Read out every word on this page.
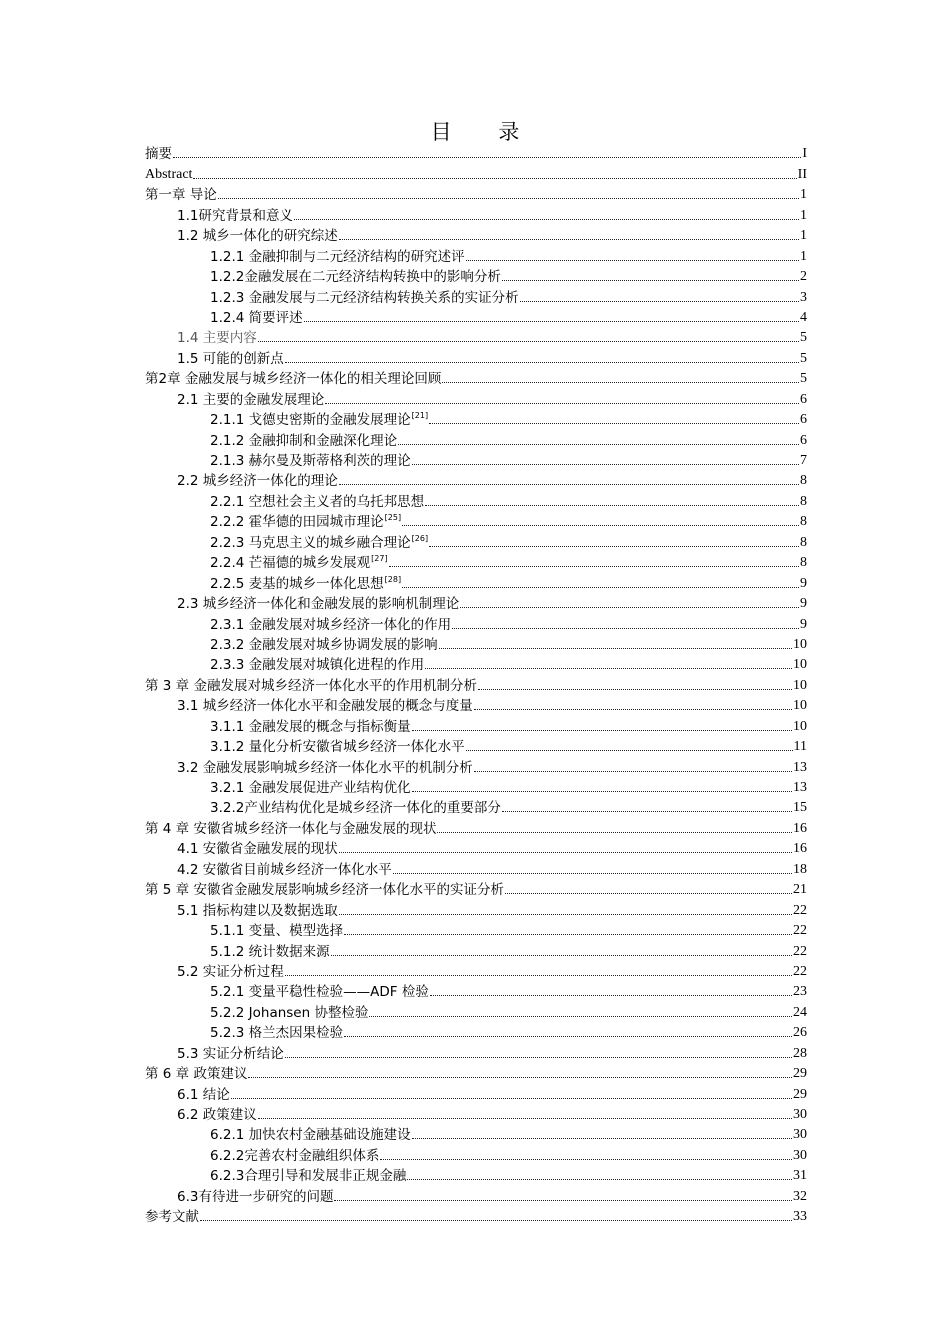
目 录
摘要	I
Abstract	II
第一章 导论	1
1.1研究背景和意义	1
1.2 城乡一体化的研究综述	1
1.2.1 金融抑制与二元经济结构的研究述评	1
1.2.2金融发展在二元经济结构转换中的影响分析	2
1.2.3 金融发展与二元经济结构转换关系的实证分析	3
1.2.4 简要评述	4
1.4 主要内容	5
1.5 可能的创新点	5
第2章 金融发展与城乡经济一体化的相关理论回顾	5
2.1 主要的金融发展理论	6
2.1.1 戈德史密斯的金融发展理论[21]	6
2.1.2 金融抑制和金融深化理论	6
2.1.3 赫尔曼及斯蒂格利茨的理论	7
2.2 城乡经济一体化的理论	8
2.2.1 空想社会主义者的乌托邦思想	8
2.2.2 霍华德的田园城市理论[25]	8
2.2.3 马克思主义的城乡融合理论[26]	8
2.2.4 芒福德的城乡发展观[27]	8
2.2.5 麦基的城乡一体化思想[28]	9
2.3 城乡经济一体化和金融发展的影响机制理论	9
2.3.1 金融发展对城乡经济一体化的作用	9
2.3.2 金融发展对城乡协调发展的影响	10
2.3.3 金融发展对城镇化进程的作用	10
第 3 章 金融发展对城乡经济一体化水平的作用机制分析	10
3.1 城乡经济一体化水平和金融发展的概念与度量	10
3.1.1 金融发展的概念与指标衡量	10
3.1.2 量化分析安徽省城乡经济一体化水平	11
3.2 金融发展影响城乡经济一体化水平的机制分析	13
3.2.1 金融发展促进产业结构优化	13
3.2.2产业结构优化是城乡经济一体化的重要部分	15
第 4 章 安徽省城乡经济一体化与金融发展的现状	16
4.1 安徽省金融发展的现状	16
4.2 安徽省目前城乡经济一体化水平	18
第 5 章 安徽省金融发展影响城乡经济一体化水平的实证分析	21
5.1 指标构建以及数据选取	22
5.1.1 变量、模型选择	22
5.1.2 统计数据来源	22
5.2 实证分析过程	22
5.2.1 变量平稳性检验——ADF 检验	23
5.2.2 Johansen 协整检验	24
5.2.3 格兰杰因果检验	26
5.3 实证分析结论	28
第 6 章 政策建议	29
6.1 结论	29
6.2 政策建议	30
6.2.1 加快农村金融基础设施建设	30
6.2.2完善农村金融组织体系	30
6.2.3合理引导和发展非正规金融	31
6.3有待进一步研究的问题	32
参考文献	33
